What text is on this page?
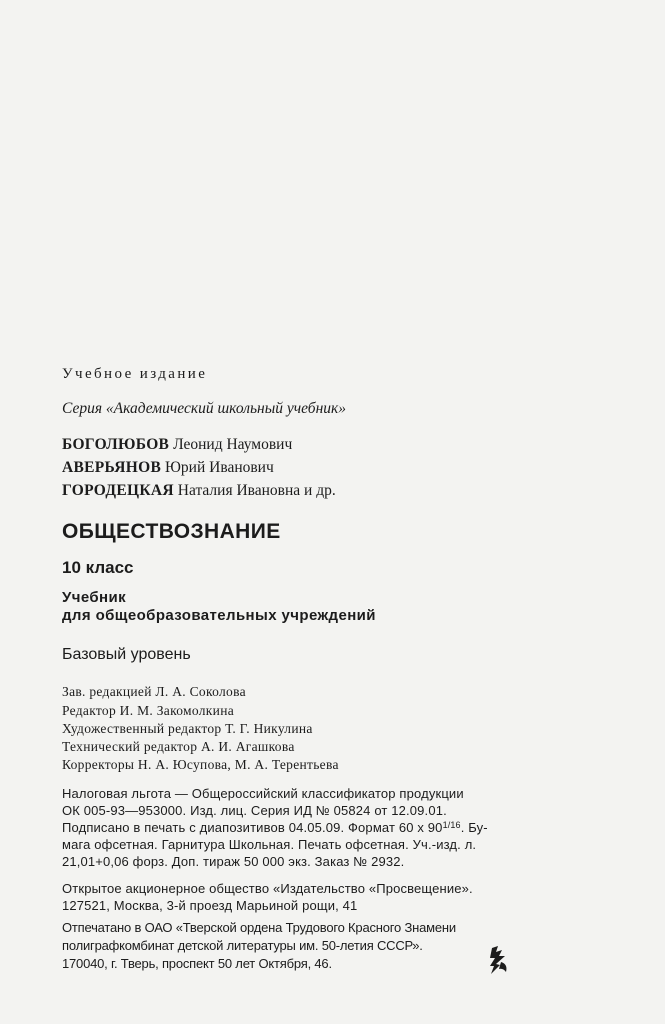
Учебное издание
Серия «Академический школьный учебник»
БОГОЛЮБОВ Леонид Наумович
АВЕРЬЯНОВ Юрий Иванович
ГОРОДЕЦКАЯ Наталия Ивановна и др.
ОБЩЕСТВОЗНАНИЕ
10 класс
Учебник
для общеобразовательных учреждений
Базовый уровень
Зав. редакцией Л. А. Соколова
Редактор И. М. Закомолкина
Художественный редактор Т. Г. Никулина
Технический редактор А. И. Агашкова
Корректоры Н. А. Юсупова, М. А. Терентьева
Налоговая льгота — Общероссийский классификатор продукции
ОК 005-93—953000. Изд. лиц. Серия ИД № 05824 от 12.09.01.
Подписано в печать с диапозитивов 04.05.09. Формат 60 х $90^{1/16}$. Бу-
мага офсетная. Гарнитура Школьная. Печать офсетная. Уч.-изд. л.
21,01+0,06 форз. Доп. тираж 50 000 экз. Заказ № 2932.
Открытое акционерное общество «Издательство «Просвещение».
127521, Москва, 3-й проезд Марьиной рощи, 41
Отпечатано в ОАО «Тверской ордена Трудового Красного Знамени
полиграфкомбинат детской литературы им. 50-летия СССР».
170040, г. Тверь, проспект 50 лет Октября, 46.
